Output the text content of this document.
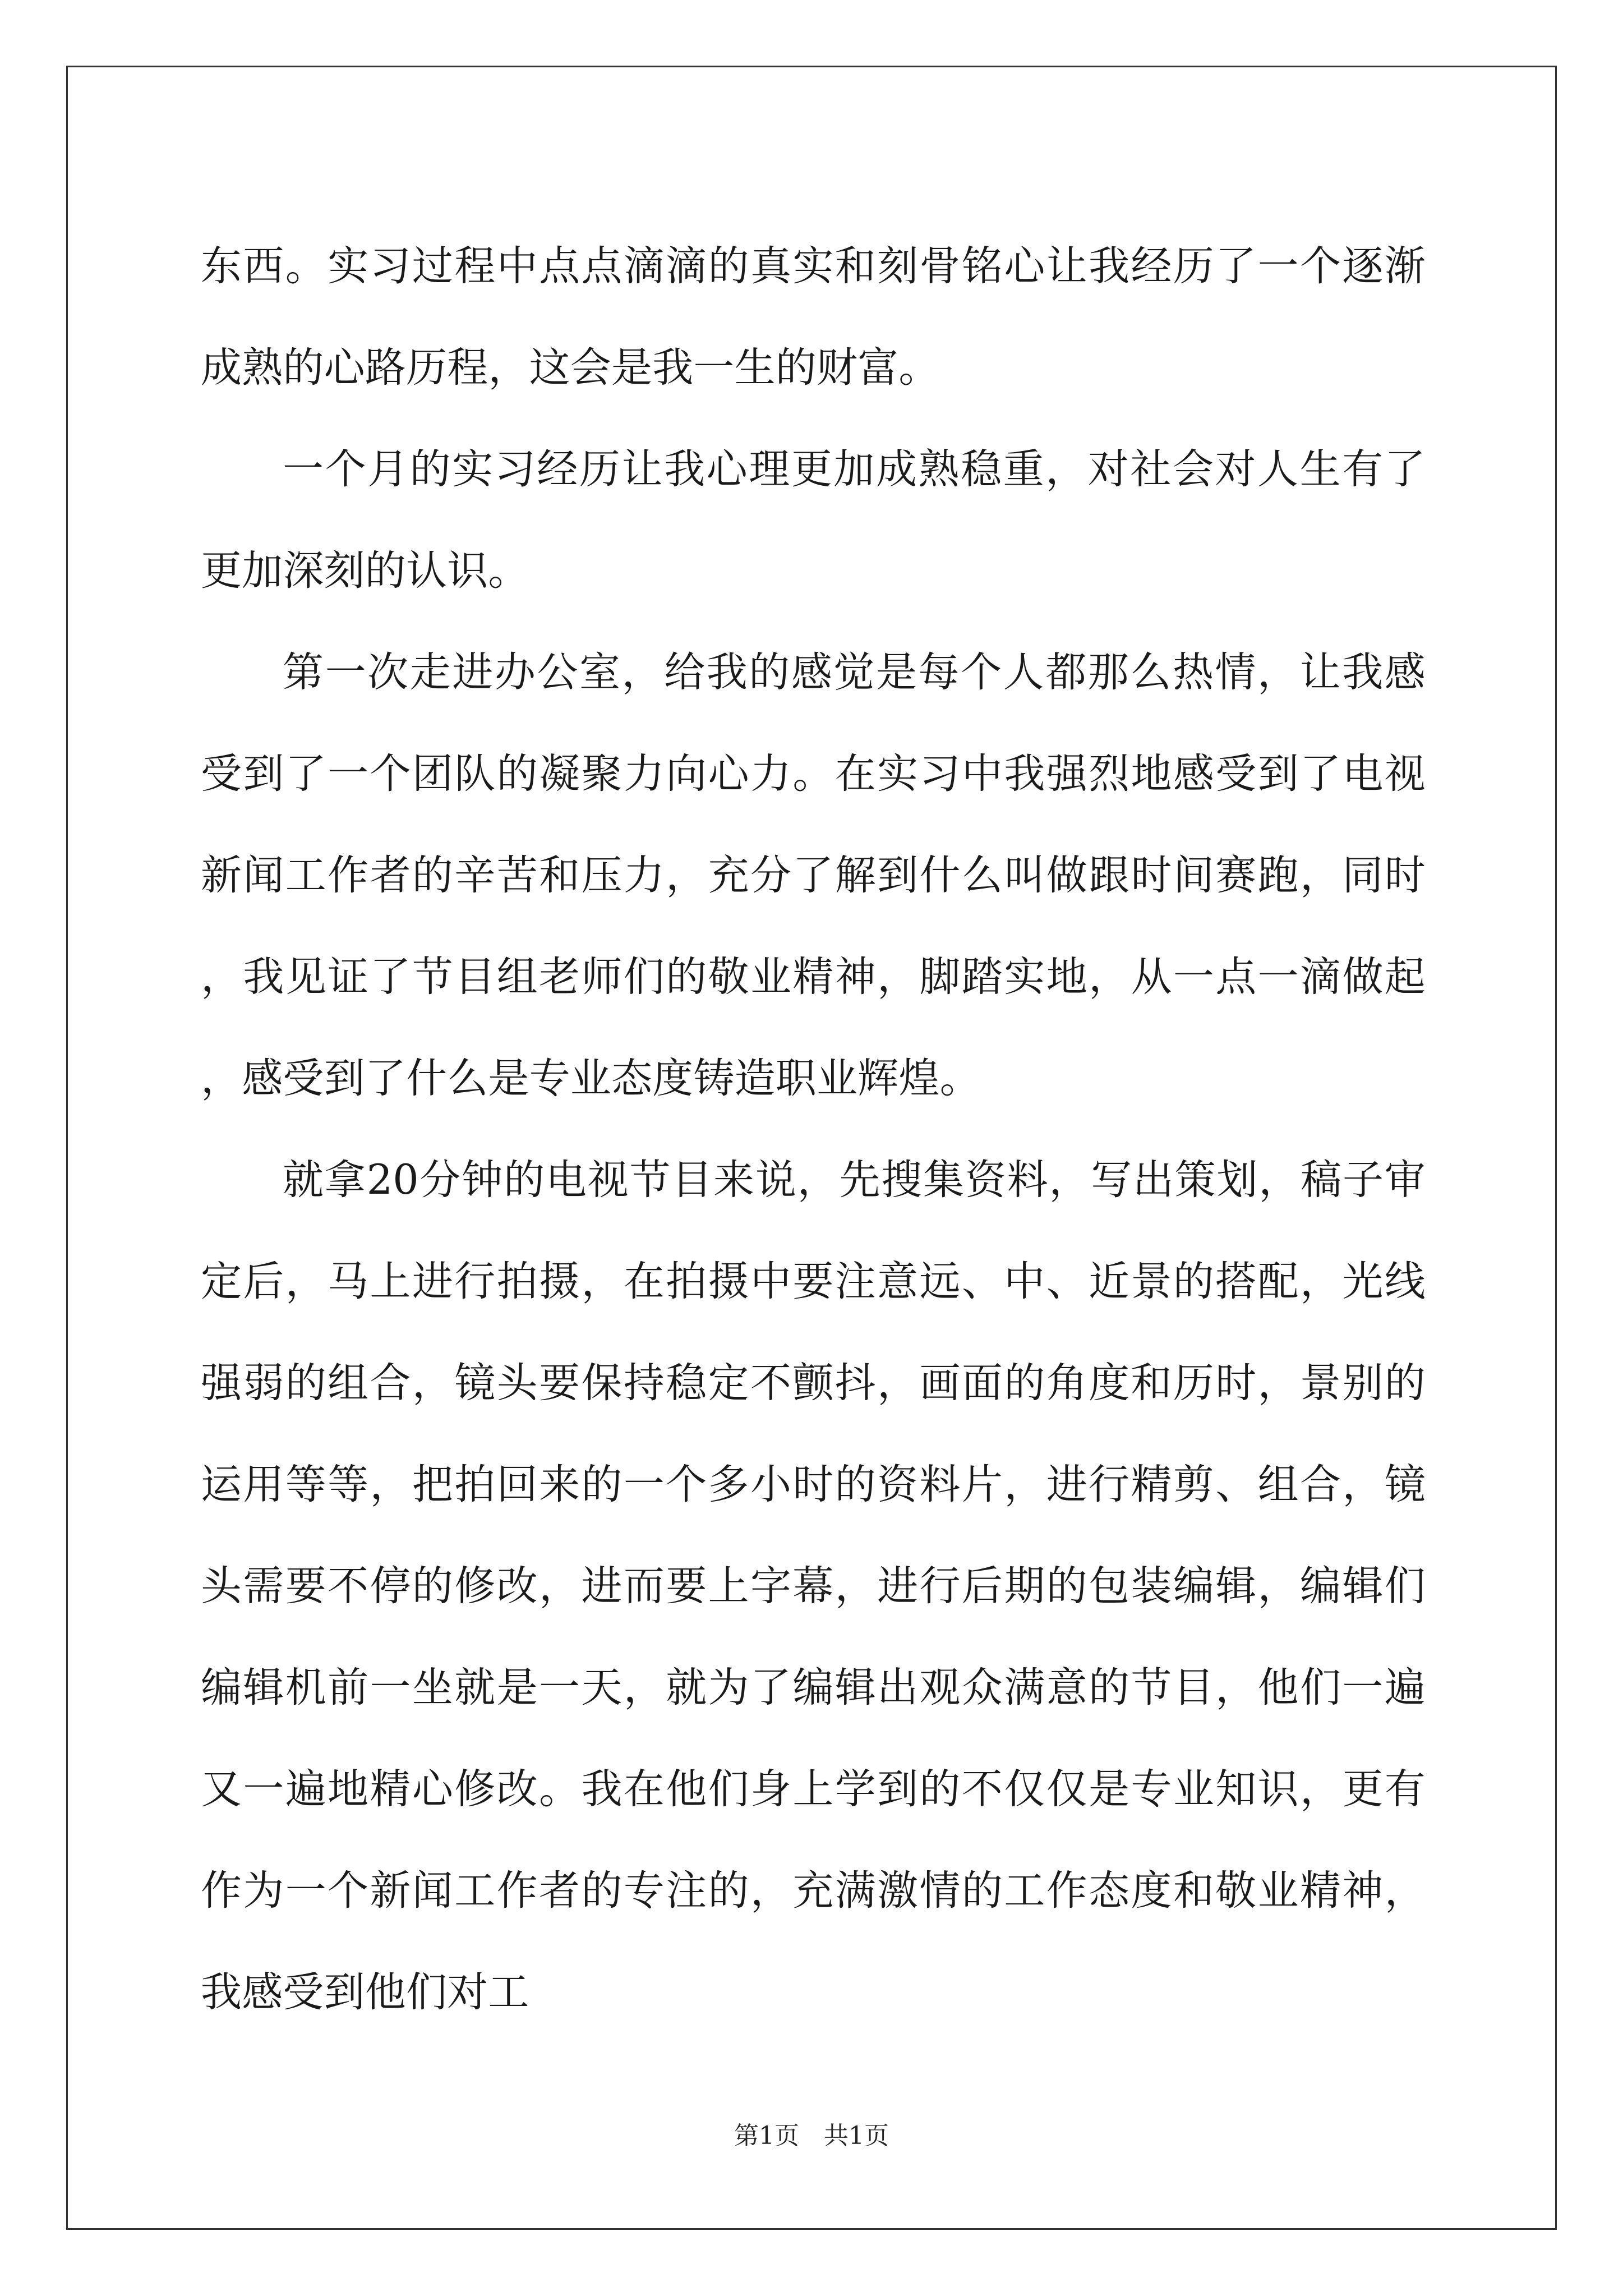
东西。实习过程中点点滴滴的真实和刻骨铭心让我经历了一个逐渐成熟的心路历程，这会是我一生的财富。

一个月的实习经历让我心理更加成熟稳重，对社会对人生有了更加深刻的认识。

第一次走进办公室，给我的感觉是每个人都那么热情，让我感受到了一个团队的凝聚力向心力。在实习中我强烈地感受到了电视新闻工作者的辛苦和压力，充分了解到什么叫做跟时间赛跑，同时，我见证了节目组老师们的敬业精神，脚踏实地，从一点一滴做起，感受到了什么是专业态度铸造职业辉煌。

就拿20分钟的电视节目来说，先搜集资料，写出策划，稿子审定后，马上进行拍摄，在拍摄中要注意远、中、近景的搭配，光线强弱的组合，镜头要保持稳定不颤抖，画面的角度和历时，景别的运用等等，把拍回来的一个多小时的资料片，进行精剪、组合，镜头需要不停的修改，进而要上字幕，进行后期的包装编辑，编辑们编辑机前一坐就是一天，就为了编辑出观众满意的节目，他们一遍又一遍地精心修改。我在他们身上学到的不仅仅是专业知识，更有作为一个新闻工作者的专注的，充满激情的工作态度和敬业精神，我感受到他们对工

第1页　共1页
